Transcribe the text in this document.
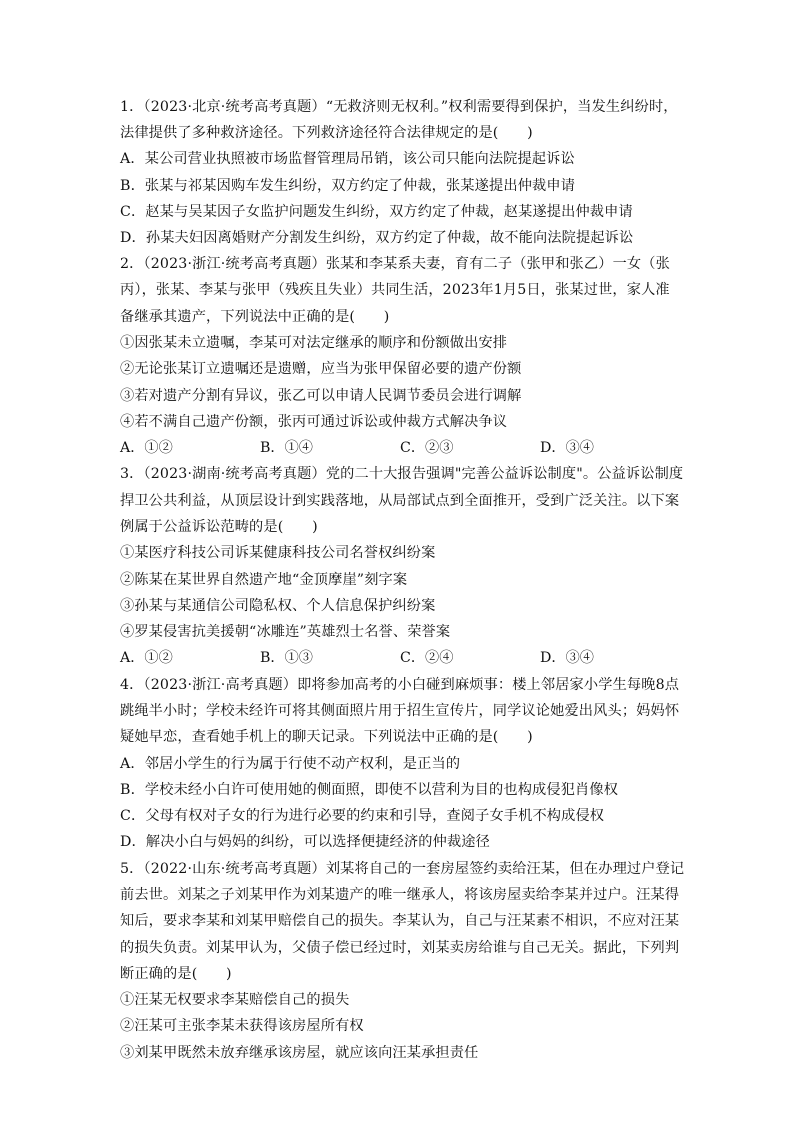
1．（2023·北京·统考高考真题）“无救济则无权利。”权利需要得到保护，当发生纠纷时，
法律提供了多种救济途径。下列救济途径符合法律规定的是(　　)
A．某公司营业执照被市场监督管理局吊销，该公司只能向法院提起诉讼
B．张某与祁某因购车发生纠纷，双方约定了仲裁，张某遂提出仲裁申请
C．赵某与吴某因子女监护问题发生纠纷，双方约定了仲裁，赵某遂提出仲裁申请
D．孙某夫妇因离婚财产分割发生纠纷，双方约定了仲裁，故不能向法院提起诉讼
2．（2023·浙江·统考高考真题）张某和李某系夫妻，育有二子（张甲和张乙）一女（张
丙），张某、李某与张甲（残疾且失业）共同生活，2023年1月5日，张某过世，家人准
备继承其遗产，下列说法中正确的是(　　)
①因张某未立遗嘱，李某可对法定继承的顺序和份额做出安排
②无论张某订立遗嘱还是遗赠，应当为张甲保留必要的遗产份额
③若对遗产分割有异议，张乙可以申请人民调节委员会进行调解
④若不满自己遗产份额，张丙可通过诉讼或仲裁方式解决争议
A．①②	B．①④	C．②③	D．③④
3．（2023·湖南·统考高考真题）党的二十大报告强调"完善公益诉讼制度"。公益诉讼制度
捍卫公共利益，从顶层设计到实践落地，从局部试点到全面推开，受到广泛关注。以下案
例属于公益诉讼范畴的是(　　)
①某医疗科技公司诉某健康科技公司名誉权纠纷案
②陈某在某世界自然遗产地“金顶摩崖”刻字案
③孙某与某通信公司隐私权、个人信息保护纠纷案
④罗某侵害抗美援朝“冰雕连”英雄烈士名誉、荣誉案
A．①②	B．①③	C．②④	D．③④
4．（2023·浙江·高考真题）即将参加高考的小白碰到麻烦事：楼上邻居家小学生每晚8点
跳绳半小时；学校未经许可将其侧面照片用于招生宣传片，同学议论她爱出风头；妈妈怀
疑她早恋，查看她手机上的聊天记录。下列说法中正确的是(　　)
A．邻居小学生的行为属于行使不动产权利，是正当的
B．学校未经小白许可使用她的侧面照，即使不以营利为目的也构成侵犯肖像权
C．父母有权对子女的行为进行必要的约束和引导，查阅子女手机不构成侵权
D．解决小白与妈妈的纠纷，可以选择便捷经济的仲裁途径
5．（2022·山东·统考高考真题）刘某将自己的一套房屋签约卖给汪某，但在办理过户登记
前去世。刘某之子刘某甲作为刘某遗产的唯一继承人，将该房屋卖给李某并过户。汪某得
知后，要求李某和刘某甲赔偿自己的损失。李某认为，自己与汪某素不相识，不应对汪某
的损失负责。刘某甲认为，父债子偿已经过时，刘某卖房给谁与自己无关。据此，下列判
断正确的是(　　)
①汪某无权要求李某赔偿自己的损失
②汪某可主张李某未获得该房屋所有权
③刘某甲既然未放弃继承该房屋，就应该向汪某承担责任
